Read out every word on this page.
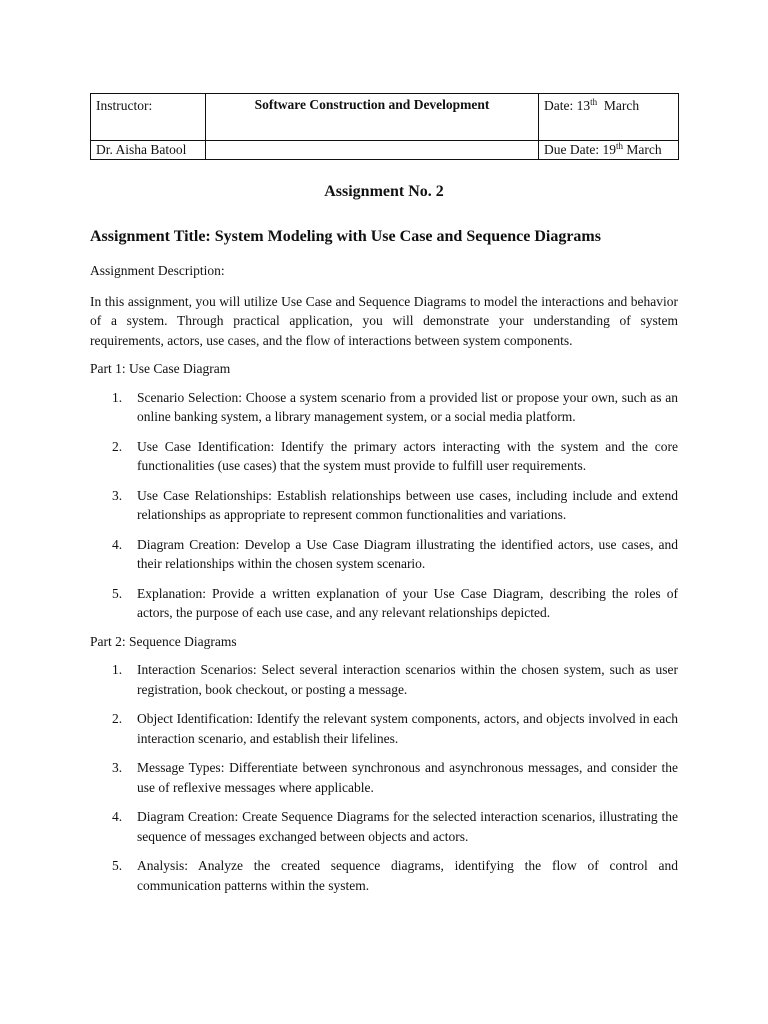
Instructor:	Software Construction and Development	Date: 13th  March
Dr. Aisha Batool		Due Date: 19th March
Assignment No. 2
Assignment Title: System Modeling with Use Case and Sequence Diagrams
Assignment Description:
In this assignment, you will utilize Use Case and Sequence Diagrams to model the interactions and behavior of a system. Through practical application, you will demonstrate your understanding of system requirements, actors, use cases, and the flow of interactions between system components.
Part 1: Use Case Diagram
1. Scenario Selection: Choose a system scenario from a provided list or propose your own, such as an online banking system, a library management system, or a social media platform.
2. Use Case Identification: Identify the primary actors interacting with the system and the core functionalities (use cases) that the system must provide to fulfill user requirements.
3. Use Case Relationships: Establish relationships between use cases, including include and extend relationships as appropriate to represent common functionalities and variations.
4. Diagram Creation: Develop a Use Case Diagram illustrating the identified actors, use cases, and their relationships within the chosen system scenario.
5. Explanation: Provide a written explanation of your Use Case Diagram, describing the roles of actors, the purpose of each use case, and any relevant relationships depicted.
Part 2: Sequence Diagrams
1. Interaction Scenarios: Select several interaction scenarios within the chosen system, such as user registration, book checkout, or posting a message.
2. Object Identification: Identify the relevant system components, actors, and objects involved in each interaction scenario, and establish their lifelines.
3. Message Types: Differentiate between synchronous and asynchronous messages, and consider the use of reflexive messages where applicable.
4. Diagram Creation: Create Sequence Diagrams for the selected interaction scenarios, illustrating the sequence of messages exchanged between objects and actors.
5. Analysis: Analyze the created sequence diagrams, identifying the flow of control and communication patterns within the system.
